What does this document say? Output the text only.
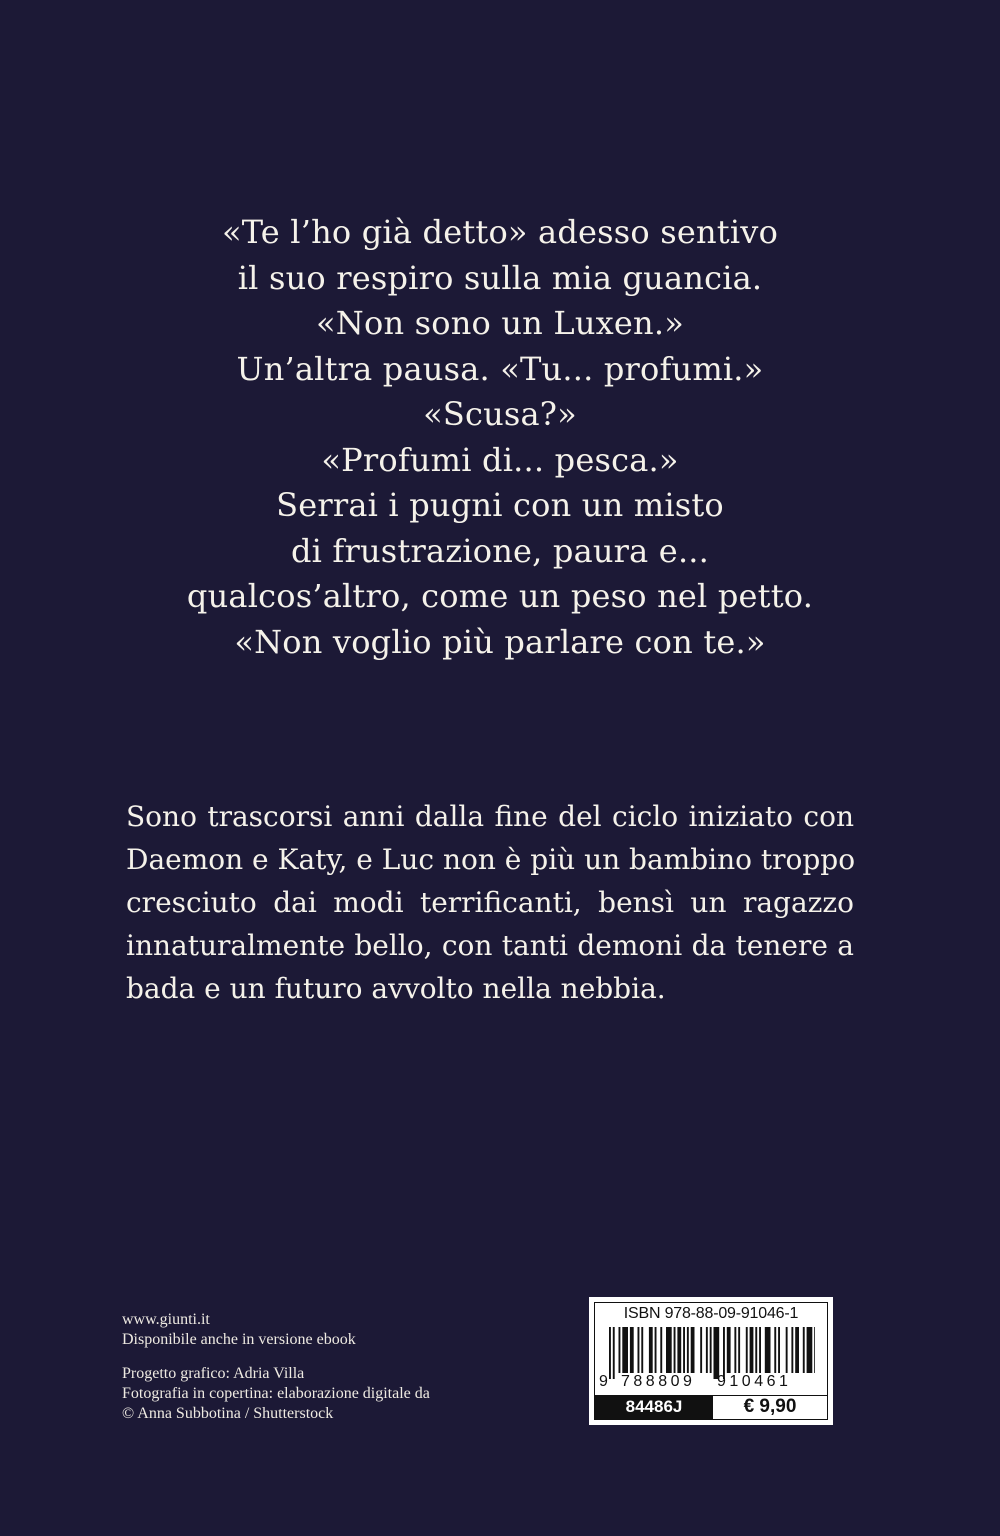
«Te l’ho già detto» adesso sentivo
il suo respiro sulla mia guancia.
«Non sono un Luxen.»
Un’altra pausa. «Tu... profumi.»
«Scusa?»
«Profumi di... pesca.»
Serrai i pugni con un misto
di frustrazione, paura e...
qualcos’altro, come un peso nel petto.
«Non voglio più parlare con te.»
Sono trascorsi anni dalla fine del ciclo iniziato con
Daemon e Katy, e Luc non è più un bambino troppo
cresciuto dai modi terrificanti, bensì un ragazzo
innaturalmente bello, con tanti demoni da tenere a
bada e un futuro avvolto nella nebbia.
www.giunti.it
Disponibile anche in versione ebook
Progetto grafico: Adria Villa
Fotografia in copertina: elaborazione digitale da
© Anna Subbotina / Shutterstock
ISBN 978-88-09-91046-1
9 788809 910461
84486J	€ 9,90
